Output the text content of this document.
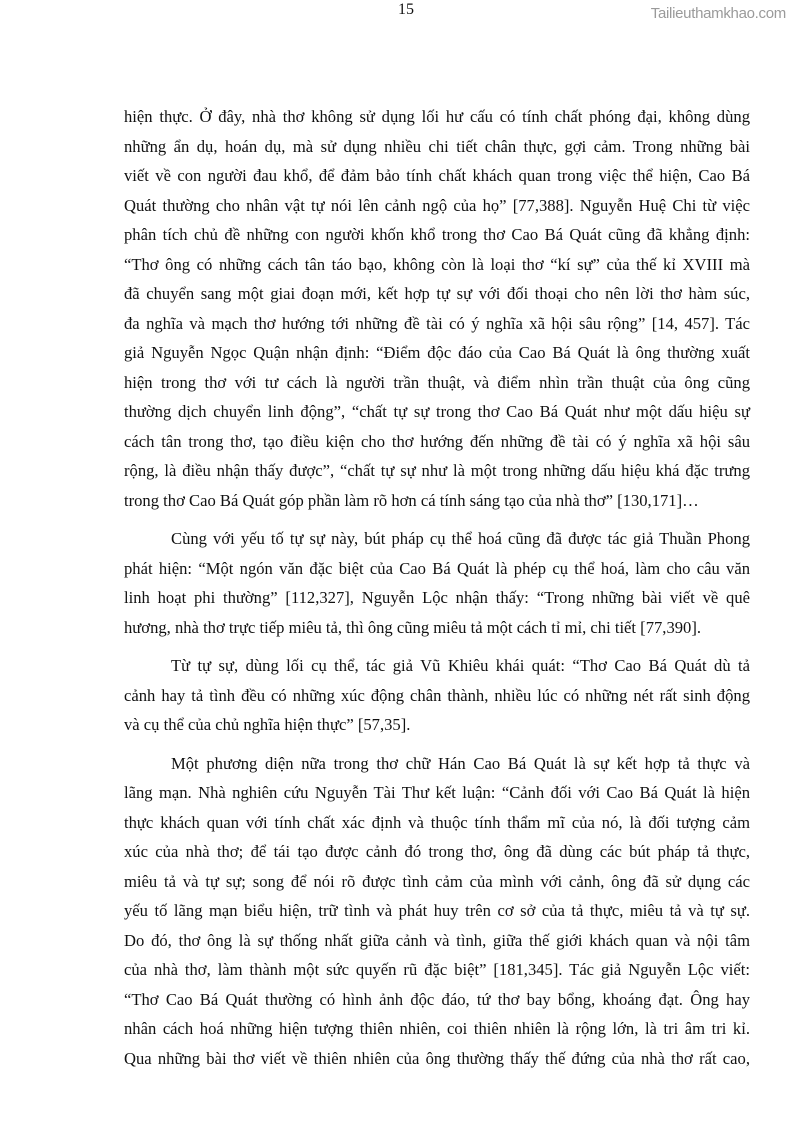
15	Tailieuthamkhao.com
hiện thực. Ở đây, nhà thơ không sử dụng lối hư cấu có tính chất phóng đại, không dùng
những ẩn dụ, hoán dụ, mà sử dụng nhiều chi tiết chân thực, gợi cảm. Trong những bài
viết về con người đau khổ, để đảm bảo tính chất khách quan trong việc thể hiện, Cao Bá
Quát thường cho nhân vật tự nói lên cảnh ngộ của họ” [77,388]. Nguyễn Huệ Chi từ việc
phân tích chủ đề những con người khốn khổ trong thơ Cao Bá Quát cũng đã khẳng định:
“Thơ ông có những cách tân táo bạo, không còn là loại thơ “kí sự” của thế kỉ XVIII mà
đã chuyển sang một giai đoạn mới, kết hợp tự sự với đối thoại cho nên lời thơ hàm súc,
đa nghĩa và mạch thơ hướng tới những đề tài có ý nghĩa xã hội sâu rộng” [14, 457]. Tác
giả Nguyễn Ngọc Quận nhận định: “Điểm độc đáo của Cao Bá Quát là ông thường xuất
hiện trong thơ với tư cách là người trần thuật, và điểm nhìn trần thuật của ông cũng
thường dịch chuyển linh động”, “chất tự sự trong thơ Cao Bá Quát như một dấu hiệu sự
cách tân trong thơ, tạo điều kiện cho thơ hướng đến những đề tài có ý nghĩa xã hội sâu
rộng, là điều nhận thấy được”, “chất tự sự như là một trong những dấu hiệu khá đặc trưng
trong thơ Cao Bá Quát góp phần làm rõ hơn cá tính sáng tạo của nhà thơ” [130,171]…
Cùng với yếu tố tự sự này, bút pháp cụ thể hoá cũng đã được tác giả Thuần Phong
phát hiện: “Một ngón văn đặc biệt của Cao Bá Quát là phép cụ thể hoá, làm cho câu văn
linh hoạt phi thường” [112,327], Nguyễn Lộc nhận thấy: “Trong những bài viết về quê
hương, nhà thơ trực tiếp miêu tả, thì ông cũng miêu tả một cách tỉ mỉ, chi tiết [77,390].
Từ tự sự, dùng lối cụ thể, tác giả Vũ Khiêu khái quát: “Thơ Cao Bá Quát dù tả
cảnh hay tả tình đều có những xúc động chân thành, nhiều lúc có những nét rất sinh động
và cụ thể của chủ nghĩa hiện thực” [57,35].
Một phương diện nữa trong thơ chữ Hán Cao Bá Quát là sự kết hợp tả thực và
lãng mạn. Nhà nghiên cứu Nguyễn Tài Thư kết luận: “Cảnh đối với Cao Bá Quát là hiện
thực khách quan với tính chất xác định và thuộc tính thẩm mĩ của nó, là đối tượng cảm
xúc của nhà thơ; để tái tạo được cảnh đó trong thơ, ông đã dùng các bút pháp tả thực,
miêu tả và tự sự; song để nói rõ được tình cảm của mình với cảnh, ông đã sử dụng các
yếu tố lãng mạn biểu hiện, trữ tình và phát huy trên cơ sở của tả thực, miêu tả và tự sự.
Do đó, thơ ông là sự thống nhất giữa cảnh và tình, giữa thế giới khách quan và nội tâm
của nhà thơ, làm thành một sức quyến rũ đặc biệt” [181,345]. Tác giả Nguyễn Lộc viết:
“Thơ Cao Bá Quát thường có hình ảnh độc đáo, tứ thơ bay bổng, khoáng đạt. Ông hay
nhân cách hoá những hiện tượng thiên nhiên, coi thiên nhiên là rộng lớn, là tri âm tri kỉ.
Qua những bài thơ viết về thiên nhiên của ông thường thấy thế đứng của nhà thơ rất cao,
